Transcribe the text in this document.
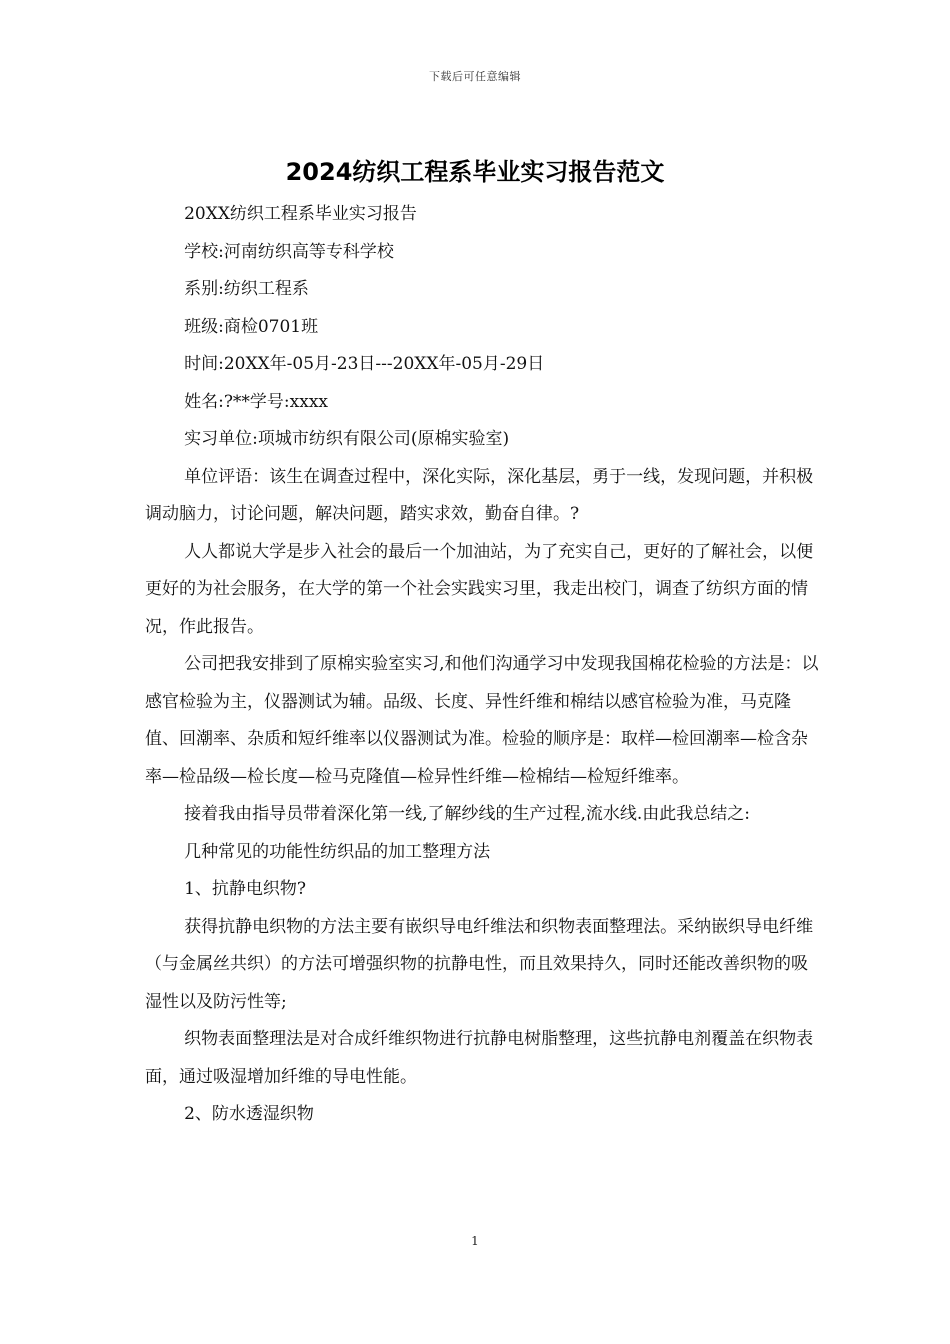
下载后可任意编辑
2024纺织工程系毕业实习报告范文

20XX纺织工程系毕业实习报告

学校:河南纺织高等专科学校

系别:纺织工程系

班级:商检0701班

时间:20XX年-05月-23日---20XX年-05月-29日

姓名:?**学号:xxxx

实习单位:项城市纺织有限公司(原棉实验室)

单位评语：该生在调查过程中，深化实际，深化基层，勇于一线，发现问题，并积极调动脑力，讨论问题，解决问题，踏实求效，勤奋自律。?

人人都说大学是步入社会的最后一个加油站，为了充实自己，更好的了解社会，以便更好的为社会服务，在大学的第一个社会实践实习里，我走出校门，调查了纺织方面的情况，作此报告。

公司把我安排到了原棉实验室实习,和他们沟通学习中发现我国棉花检验的方法是：以感官检验为主，仪器测试为辅。品级、长度、异性纤维和棉结以感官检验为准，马克隆值、回潮率、杂质和短纤维率以仪器测试为准。检验的顺序是：取样—检回潮率—检含杂率—检品级—检长度—检马克隆值—检异性纤维—检棉结—检短纤维率。

接着我由指导员带着深化第一线,了解纱线的生产过程,流水线.由此我总结之:

几种常见的功能性纺织品的加工整理方法

1、抗静电织物?

获得抗静电织物的方法主要有嵌织导电纤维法和织物表面整理法。采纳嵌织导电纤维（与金属丝共织）的方法可增强织物的抗静电性，而且效果持久，同时还能改善织物的吸湿性以及防污性等;

织物表面整理法是对合成纤维织物进行抗静电树脂整理，这些抗静电剂覆盖在织物表面，通过吸湿增加纤维的导电性能。

2、防水透湿织物

1
